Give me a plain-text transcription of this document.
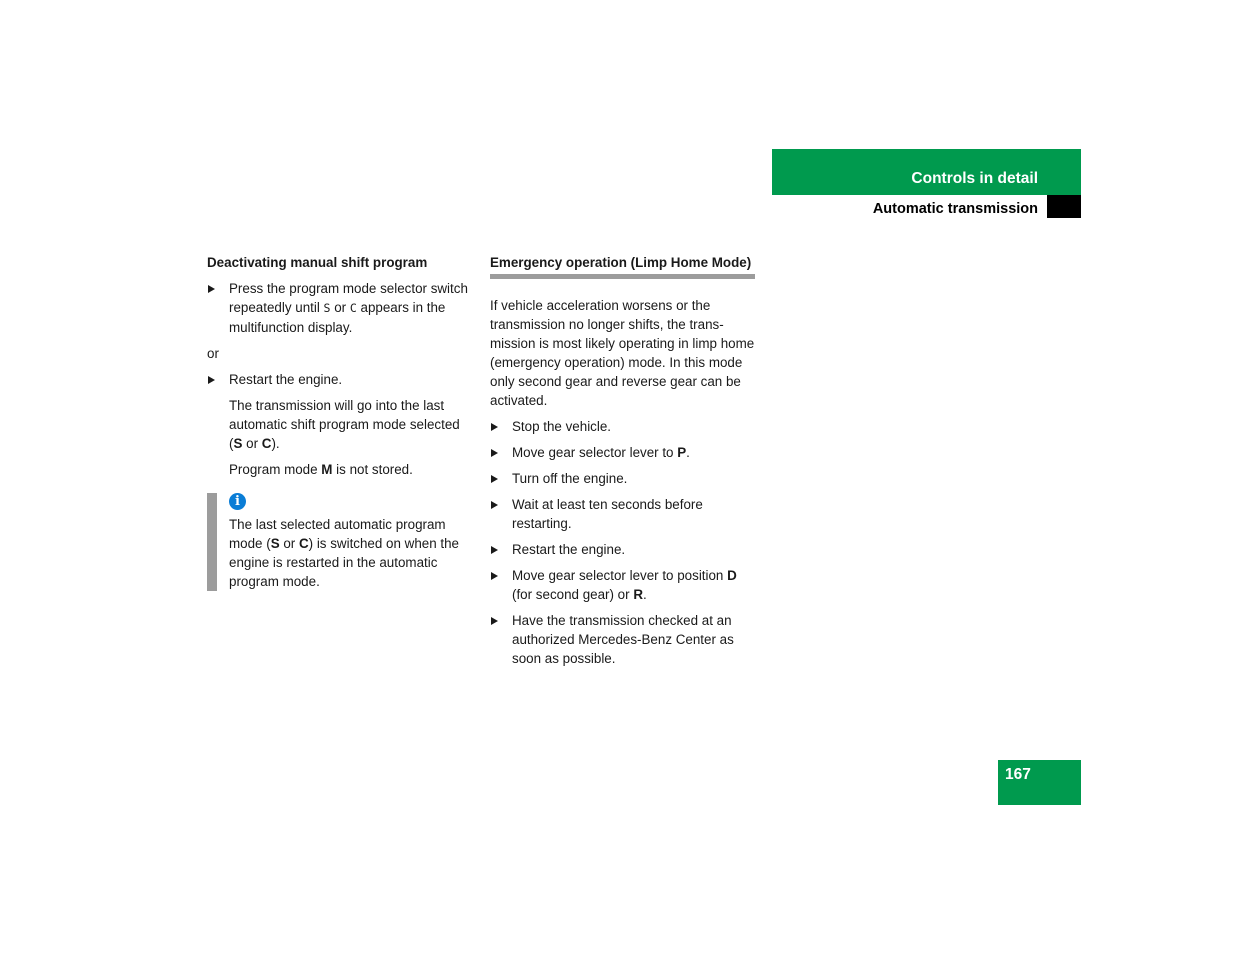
Controls in detail
Automatic transmission
Deactivating manual shift program
Press the program mode selector switch repeatedly until S or C appears in the multifunction display.
or
Restart the engine.
The transmission will go into the last automatic shift program mode selected (S or C).
Program mode M is not stored.
i
The last selected automatic program mode (S or C) is switched on when the engine is restarted in the automatic program mode.
Emergency operation (Limp Home Mode)
If vehicle acceleration worsens or the transmission no longer shifts, the trans-mission is most likely operating in limp home (emergency operation) mode. In this mode only second gear and reverse gear can be activated.
Stop the vehicle.
Move gear selector lever to P.
Turn off the engine.
Wait at least ten seconds before restarting.
Restart the engine.
Move gear selector lever to position D (for second gear) or R.
Have the transmission checked at an authorized Mercedes-Benz Center as soon as possible.
167
